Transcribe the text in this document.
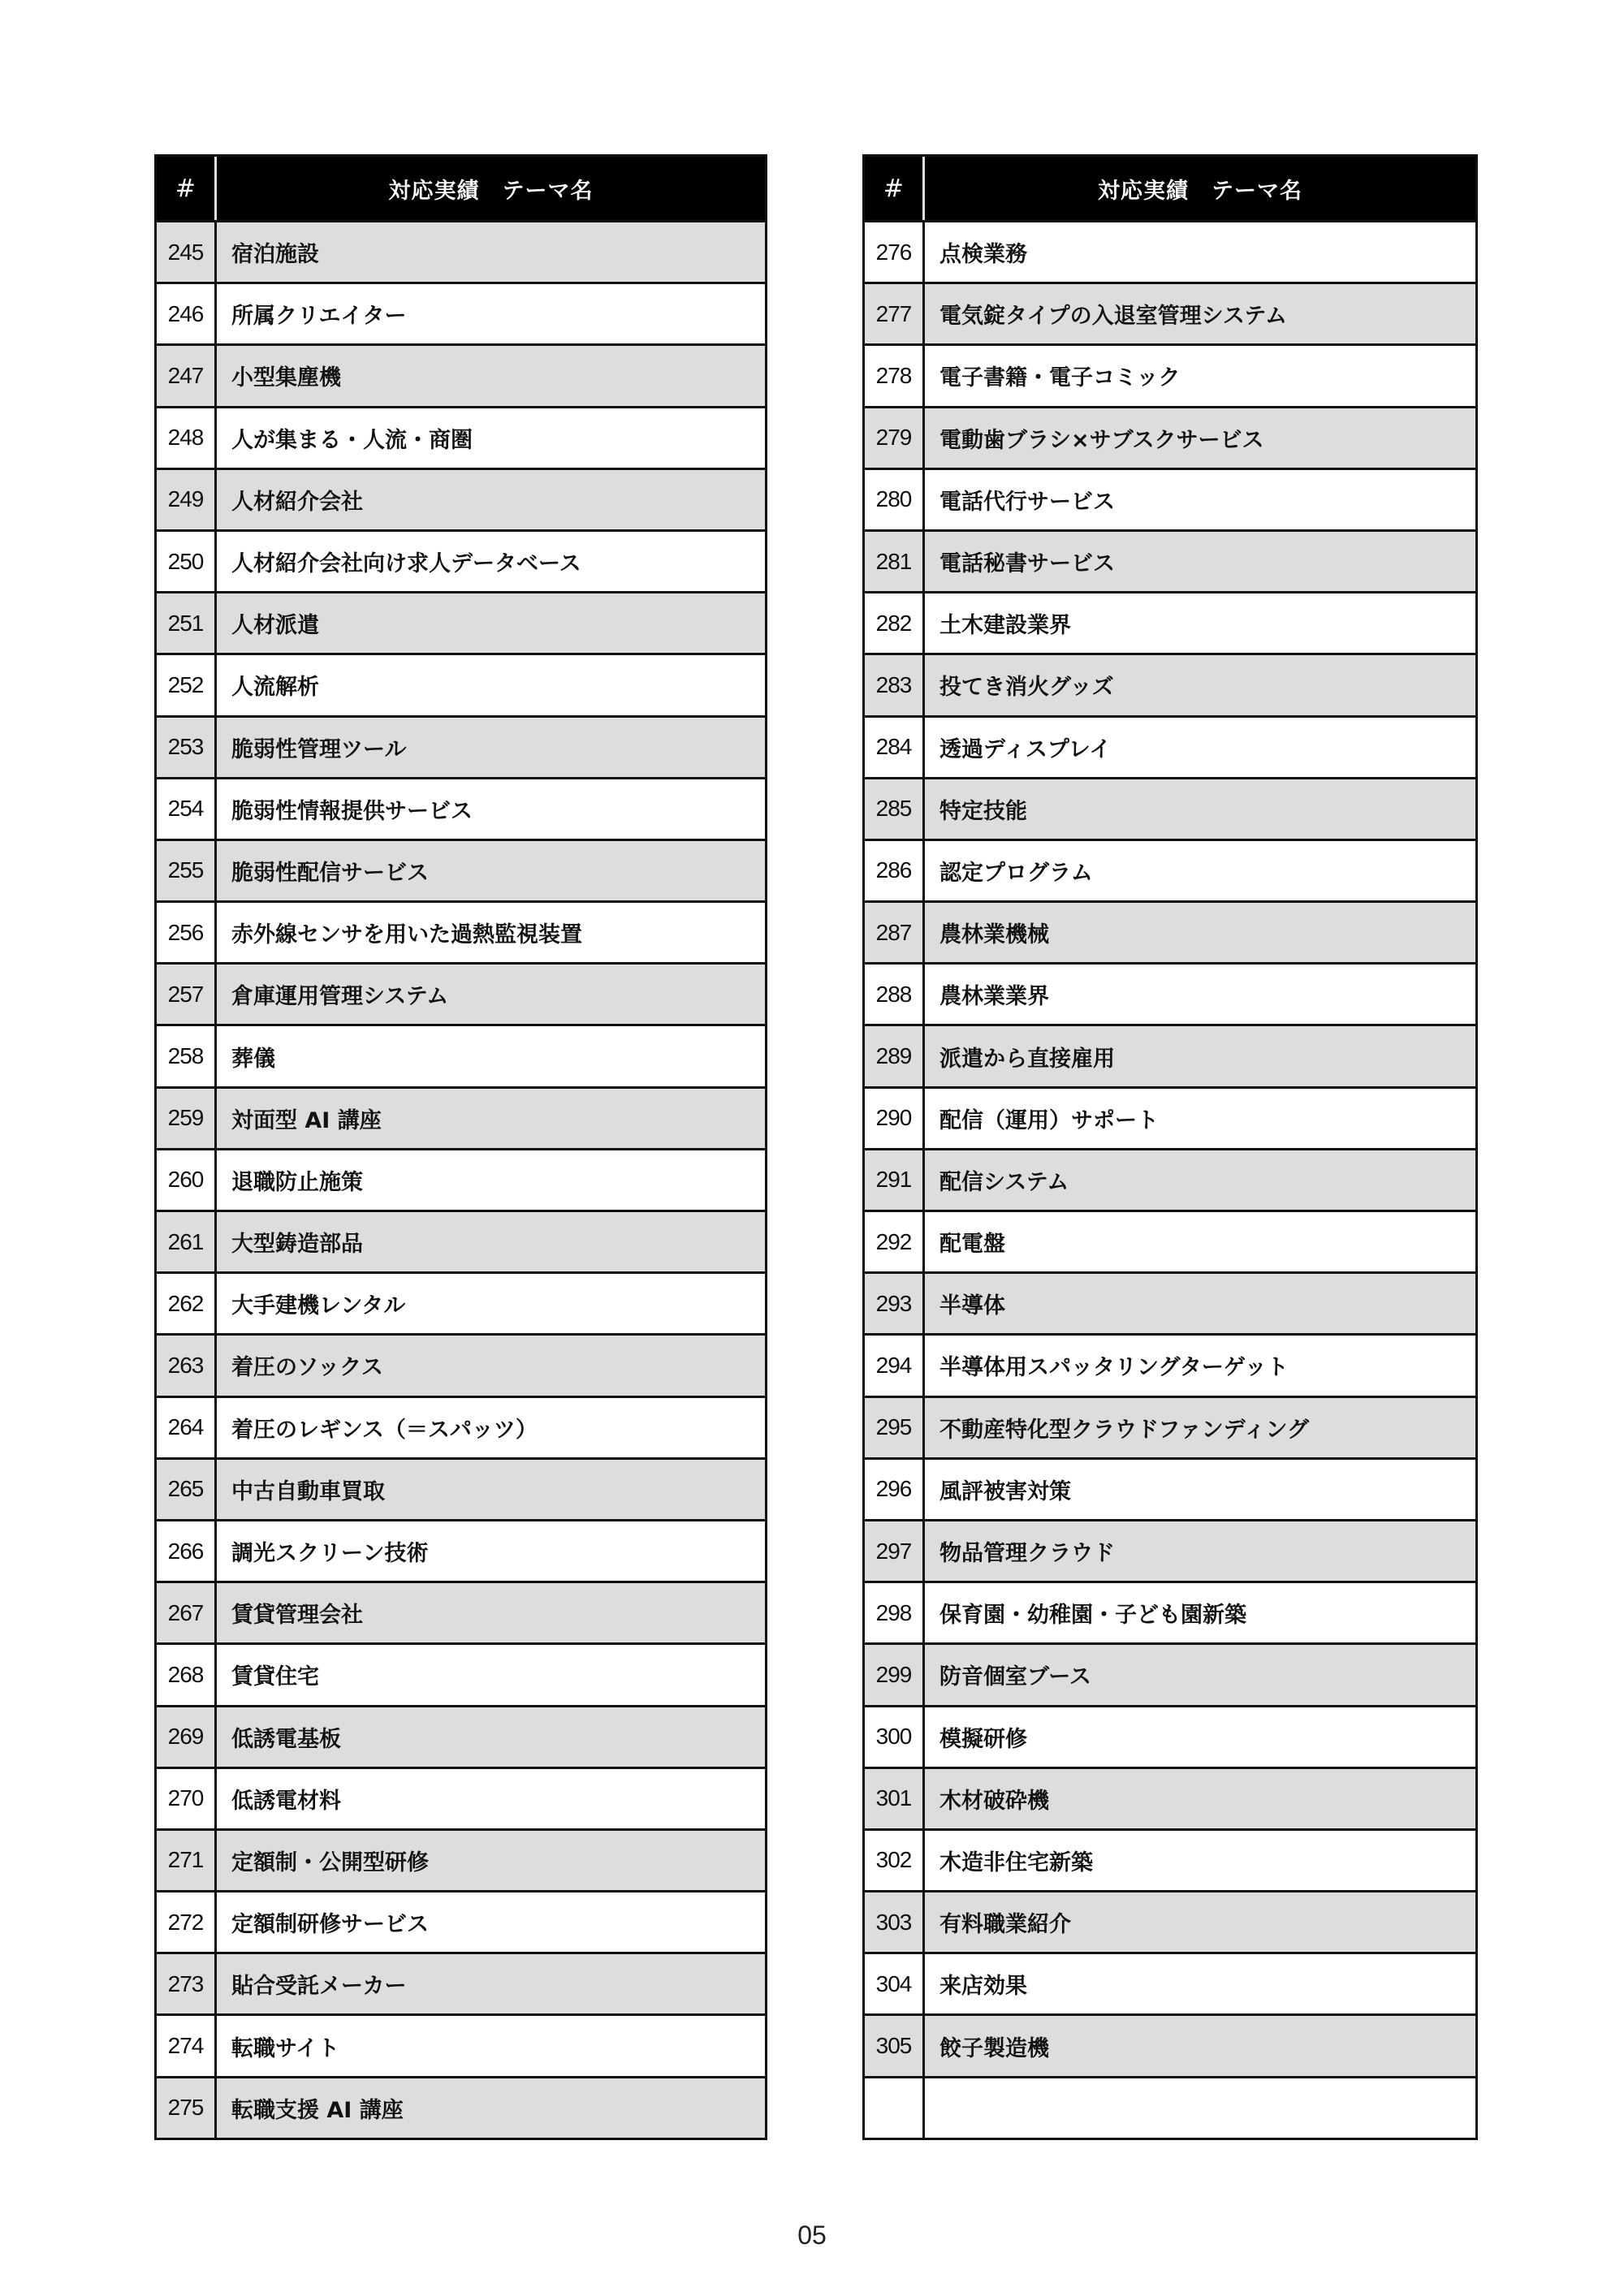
#	対応実績　テーマ名
245	宿泊施設
246	所属クリエイター
247	小型集塵機
248	人が集まる・人流・商圏
249	人材紹介会社
250	人材紹介会社向け求人データベース
251	人材派遣
252	人流解析
253	脆弱性管理ツール
254	脆弱性情報提供サービス
255	脆弱性配信サービス
256	赤外線センサを用いた過熱監視装置
257	倉庫運用管理システム
258	葬儀
259	対面型 AI 講座
260	退職防止施策
261	大型鋳造部品
262	大手建機レンタル
263	着圧のソックス
264	着圧のレギンス（＝スパッツ）
265	中古自動車買取
266	調光スクリーン技術
267	賃貸管理会社
268	賃貸住宅
269	低誘電基板
270	低誘電材料
271	定額制・公開型研修
272	定額制研修サービス
273	貼合受託メーカー
274	転職サイト
275	転職支援 AI 講座
#	対応実績　テーマ名
276	点検業務
277	電気錠タイプの入退室管理システム
278	電子書籍・電子コミック
279	電動歯ブラシ×サブスクサービス
280	電話代行サービス
281	電話秘書サービス
282	土木建設業界
283	投てき消火グッズ
284	透過ディスプレイ
285	特定技能
286	認定プログラム
287	農林業機械
288	農林業業界
289	派遣から直接雇用
290	配信（運用）サポート
291	配信システム
292	配電盤
293	半導体
294	半導体用スパッタリングターゲット
295	不動産特化型クラウドファンディング
296	風評被害対策
297	物品管理クラウド
298	保育園・幼稚園・子ども園新築
299	防音個室ブース
300	模擬研修
301	木材破砕機
302	木造非住宅新築
303	有料職業紹介
304	来店効果
305	餃子製造機
05
